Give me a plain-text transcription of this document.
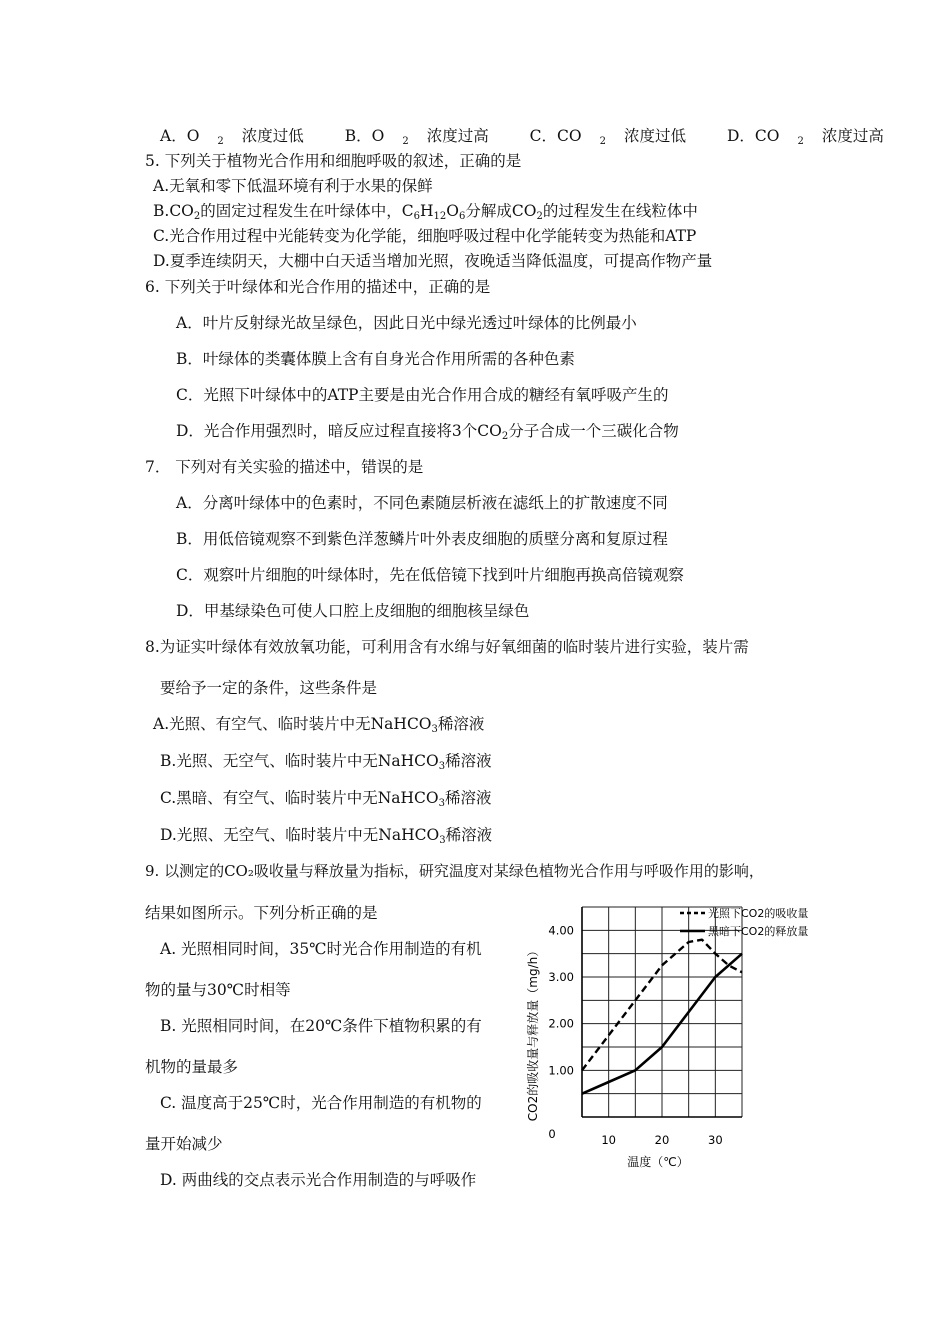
A．O $_2$ 浓度过低	B．O $_2$ 浓度过高	C．CO $_2$ 浓度过低	D．CO $_2$ 浓度过高
5. 下列关于植物光合作用和细胞呼吸的叙述，正确的是
A.无氧和零下低温环境有利于水果的保鲜
$B.CO_2$的固定过程发生在叶绿体中，$C_6H_{12}O_6$分解成$CO_2$的过程发生在线粒体中
C.光合作用过程中光能转变为化学能，细胞呼吸过程中化学能转变为热能和ATP
D.夏季连续阴天，大棚中白天适当增加光照，夜晚适当降低温度，可提高作物产量
6. 下列关于叶绿体和光合作用的描述中，正确的是
A．叶片反射绿光故呈绿色，因此日光中绿光透过叶绿体的比例最小
B．叶绿体的类囊体膜上含有自身光合作用所需的各种色素
C．光照下叶绿体中的ATP主要是由光合作用合成的糖经有氧呼吸产生的
D．光合作用强烈时，暗反应过程直接将3个$CO_2$分子合成一个三碳化合物
7． 下列对有关实验的描述中，错误的是
A．分离叶绿体中的色素时，不同色素随层析液在滤纸上的扩散速度不同
B．用低倍镜观察不到紫色洋葱鳞片叶外表皮细胞的质壁分离和复原过程
C．观察叶片细胞的叶绿体时，先在低倍镜下找到叶片细胞再换高倍镜观察
D．甲基绿染色可使人口腔上皮细胞的细胞核呈绿色
8.为证实叶绿体有效放氧功能，可利用含有水绵与好氧细菌的临时装片进行实验，装片需
要给予一定的条件，这些条件是
A.光照、有空气、临时装片中无NaHCO$_3$稀溶液
B.光照、无空气、临时装片中无NaHCO$_3$稀溶液
C.黑暗、有空气、临时装片中无NaHCO$_3$稀溶液
D.光照、无空气、临时装片中无NaHCO$_3$稀溶液
9. 以测定的CO₂吸收量与释放量为指标，研究温度对某绿色植物光合作用与呼吸作用的影响，
结果如图所示。下列分析正确的是
A. 光照相同时间，35℃时光合作用制造的有机
物的量与30℃时相等
B. 光照相同时间，在20℃条件下植物积累的有
机物的量最多
C. 温度高于25℃时，光合作用制造的有机物的
量开始减少
D. 两曲线的交点表示光合作用制造的与呼吸作
1.00
2.00
3.00
4.00
10	20	30
0
光照下CO2的吸收量
黑暗下CO2的释放量
CO2的吸收量与释放量（mg/h）
温度（℃）
